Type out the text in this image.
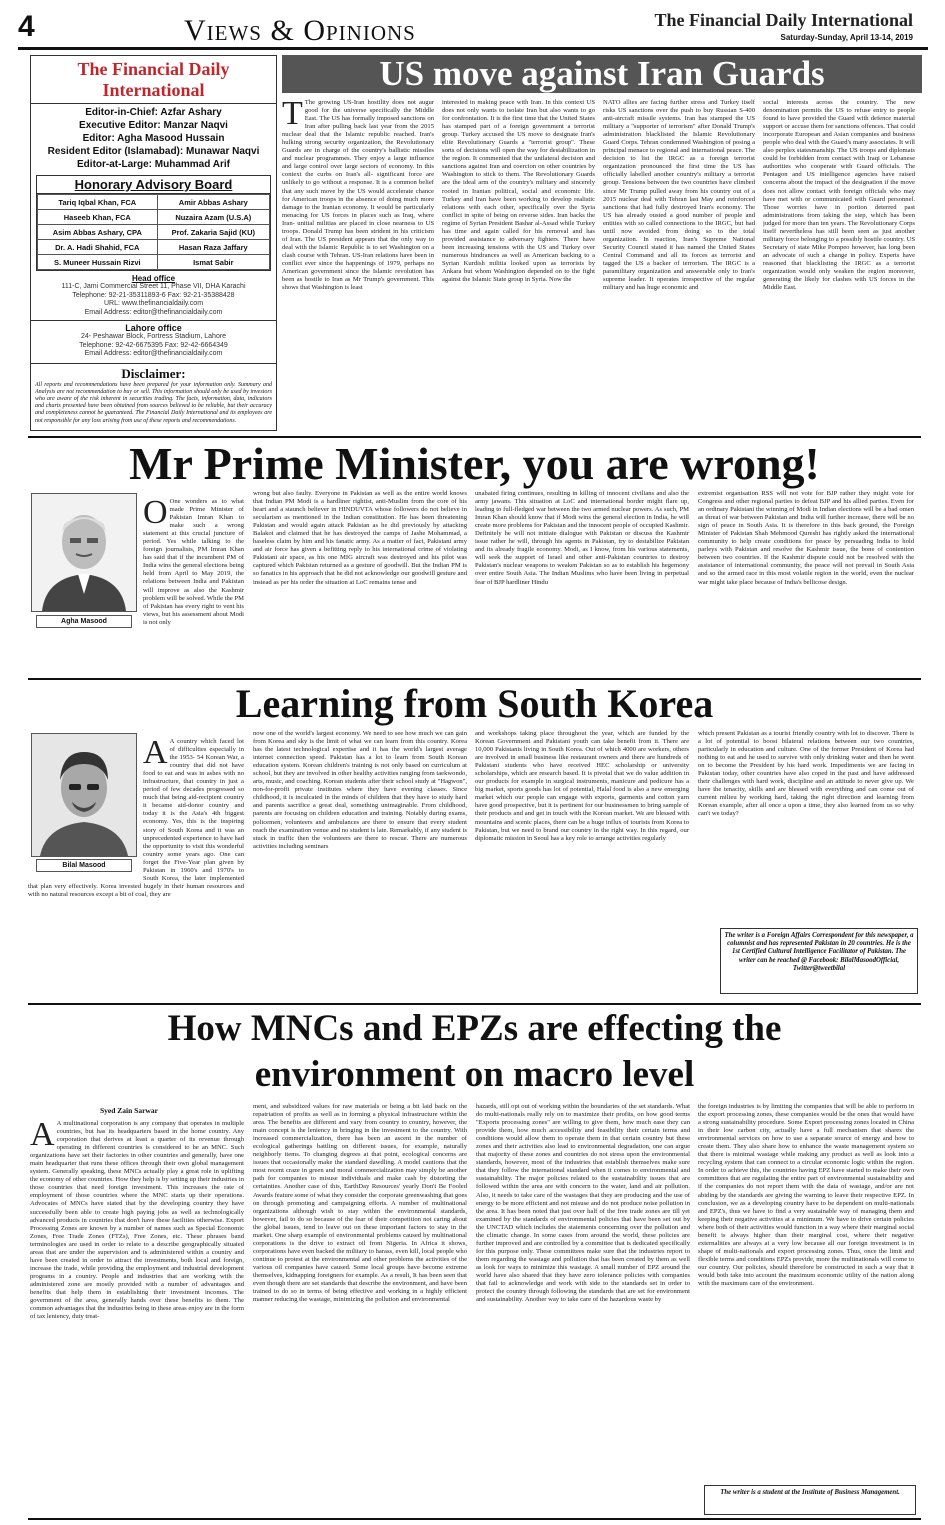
4	Views & Opinions	The Financial Daily International
Saturday-Sunday, April 13-14, 2019
The Financial Daily International
Editor-in-Chief: Azfar Ashary
Executive Editor: Manzar Naqvi
Editor: Agha Masood Hussain
Resident Editor (Islamabad): Munawar Naqvi
Editor-at-Large: Muhammad Arif
Honorary Advisory Board
Tariq Iqbal Khan, FCA	Amir Abbas Ashary
Haseeb Khan, FCA	Nuzaira Azam (U.S.A)
Asim Abbas Ashary, CPA	Prof. Zakaria Sajid (KU)
Dr. A. Hadi Shahid, FCA	Hasan Raza Jaffary
S. Muneer Hussain Rizvi	Ismat Sabir
Head office
111-C, Jami Commercial Street 11, Phase VII, DHA Karachi
Telephone: 92-21-35311893-6 Fax: 92-21-35388428
URL: www.thefinancialdaily.com
Email Address: editor@thefinancialdaily.com
Lahore office
24- Peshawar Block, Fortress Stadium, Lahore
Telephone: 92-42-6675395 Fax: 92-42-6664349
Email Address: editor@thefinancialdaily.com
Disclaimer:
All reports and recommendations have been prepared for your information only. Summary and Analysis are not recommendation to buy or sell. This information should only be used by investors who are aware of the risk inherent in securities trading. The facts, information, data, indicators and charts presented have been obtained from sources believed to be reliable, but their accuracy and completeness cannot be guaranteed. The Financial Daily International and its employees are not responsible for any loss arising from use of these reports and recommendations.
US move against Iran Guards
T The growing US-Iran hostility does not augur good for the universe specifically the Middle East. The US has formally imposed sanctions on Iran after pulling back last year from the 2015 nuclear deal that the Islamic republic reached. Iran's hulking strong security organization, the Revolutionary Guards are in charge of the country's ballistic missiles and nuclear programmes. They enjoy a large influence and large control over large sectors of economy. In this context the curbs on Iran's all- significant force are unlikely to go without a response. It is a common belief that any such move by the US would accelerate chance for American troops in the absence of doing much more damage to the Iranian economy. It would be particularly menacing for US forces in places such as Iraq, where Iran- unitial militias are placed in close nearness to US troops. Donald Trump has been strident in his criticism of Iran. The US president appears that the only way to deal with the Islamic Republic is to set Washington on a clash course with Tehran. US-Iran relations have been in conflict ever since the happenings of 1979, perhaps no American government since the Islamic revolution has been as hostile to Iran as Mr Trump's government. This shows that Washington is least
interested in making peace with Iran. In this context US does not only wants to isolate Iran but also wants to go for confrontation. It is the first time that the United States has stamped part of a foreign government a terrorist group. Turkey accused the US move to designate Iran's elite Revolutionary Guards a "terrorist group". These sorts of decisions will open the way for destabilization in the region. It commented that the unilateral decision and sanctions against Iran and coercion on other countries by Washington to stick to them. The Revolutionary Guards are the ideal arm of the country's military and sincerely rooted in Iranian political, social and economic life. Turkey and Iran have been working to develop realistic relations with each other, specifically over the Syria conflict in spite of being on reverse sides. Iran backs the regime of Syrian President Bashar al-Assad while Turkey has time and again called for his removal and has provided assistance to adversary fighters. There have been increasing tensions with the US and Turkey over numerous hindrances as well as American backing to a Syrian Kurdish militia looked upon as terrorists by Ankara but whom Washington depended on to the fight against the Islamic State group in Syria. Now the
NATO allies are facing further stress and Turkey itself risks US sanctions over the push to buy Russian S-400 anti-aircraft missile systems. Iran has stamped the US military a "supporter of terrorism" after Donald Trump's administration blacklisted the Islamic Revolutionary Guard Corps. Tehran condemned Washington of posing a principal menace to regional and international peace. The decision to list the IRGC as a foreign terrorist organization pronounced the first time the US has officially labelled another country's military a terrorist group. Tensions between the two countries have climbed since Mr Trump pulled away from his country out of a 2015 nuclear deal with Tehran last May and reinforced sanctions that had fully destroyed Iran's economy. The US has already ousted a good number of people and entities with so called connections to the IRGC, but had until now avoided from doing so to the total organization. In reaction, Iran's Supreme National Security Council stated it has named the United States Central Command and all its forces as terrorist and tagged the US a backer of terrorism. The IRGC is a paramilitary organization and answerable only to Iran's supreme leader. It operates irrespective of the regular military and has huge economic and
social interests across the country. The new denomination permits the US to refuse entry to people found to have provided the Guard with defence material support or accuse them for sanctions offences. That could incorporate European and Asian companies and business people who deal with the Guard's many associates. It will also perplex statesmanship. The US troops and diplomats could be forbidden from contact with Iraqi or Lebanese authorities who cooperate with Guard officials. The Pentagon and US intelligence agencies have raised concerns about the impact of the designation if the move does not allow contact with foreign officials who may have met with or communicated with Guard personnel. Those worries have in portion deterred past administrations from taking the step, which has been judged for more than ten years. The Revolutionary Corps itself nevertheless has still been seen as just another military force belonging to a possibly hostile country. US Secretary of state Mike Pompeo however, has long been an advocate of such a change in policy. Experts have reasoned that blacklisting the IRGC as a terrorist organization would only weaken the region moreover, generating the likely for clashes with US forces in the Middle East.
Mr Prime Minister, you are wrong!
Agha Masood
O One wonders as to what made Prime Minister of Pakistan Imran Khan to make such a wrong statement at this crucial juncture of period. Yes while talking to the foreign journalists, PM Imran Khan has said that if the incumbent PM of India wins the general elections being held from April to May 2019, the relations between India and Pakistan will improve as also the Kashmir problem will be solved. While the PM of Pakistan has every right to vent his views, but his assessment about Modi is not only
wrong but also faulty. Everyone in Pakistan as well as the entire world knows that Indian PM Modi is a hardliner rightist, anti-Muslim from the core of his heart and a staunch believer in HINDUVTA whose followers do not believe in secularism as mentioned in the Indian constitution. He has been threatening Pakistan and would again attack Pakistan as he did previously by attacking Balakot and claimed that he has destroyed the camps of Jashe Mohammad, a baseless claim by him and his fanatic army. As a matter of fact, Pakistani army and air force has given a befitting reply to his international crime of violating Pakistani air space, as his one MIG aircraft was destroyed and his pilot was captured which Pakistan returned as a gesture of goodwill. But the Indian PM is so fanatics in his approach that he did not acknowledge our goodwill gesture and instead as per his order the situation at LoC remains tense and
unabated firing continues, resulting in killing of innocent civilians and also the army jawans. This situation at LoC and international border might flare up, leading to full-fledged war between the two armed nuclear powers. As such, PM Imran Khan should know that if Modi wins the general election in India, he will create more problems for Pakistan and the innocent people of occupied Kashmir. Definitely he will not initiate dialogue with Pakistan or discuss the Kashmir issue rather he will, through his agents in Pakistan, try to destabilize Pakistan and its already fragile economy. Modi, as I know, from his various statements, will seek the support of Israel and other anti-Pakistan countries to destroy Pakistan's nuclear weapons to weaken Pakistan so as to establish his hegemony over entire South Asia. The Indian Muslims who have been living in perpetual fear of BJP hardliner Hindu
extremist organisation RSS will not vote for BJP rather they might vote for Congress and other regional parties to defeat BJP and his allied parties. Even for an ordinary Pakistani the winning of Modi in Indian elections will be a bad omen as threat of war between Pakistan and India will further increase, there will be no sign of peace in South Asia. It is therefore in this back ground, the Foreign Minister of Pakistan Shah Mehmood Qureshi has rightly asked the international community to help create conditions for peace by persuading India to hold parleys with Pakistan and resolve the Kashmir issue, the bone of contention between two countries. If the Kashmir dispute could not be resolved with the assistance of international community, the peace will not prevail in South Asia and so the armed race in this most volatile region in the world, even the nuclear war might take place because of India's bellicose design.
Learning from South Korea
Bilal Masood
A A country which faced lot of difficulties especially in the 1953- 54 Korean War, a country that did not have food to eat and was in ashes with no infrastructure, that country in just a period of few decades progressed so much that being aid-recipient country it became aid-donor country and today it is the Asia's 4th biggest economy. Yes, this is the inspiring story of South Korea and it was an unprecedented experience to have had the opportunity to visit this wonderful country some years ago. One can forget the Five-Year plan given by Pakistan in 1960's and 1970's to South Korea, the later implemented that plan very effectively. Korea invested hugely in their human resources and with no natural resources except a bit of coal, they are
now one of the world's largest economy. We need to see how much we can gain from Korea and sky is the limit of what we can learn from this country. Korea has the latest technological expertise and it has the world's largest average internet connection speed. Pakistan has a lot to learn from South Korean education system. Korean children's training is not only based on curriculum at school, but they are involved in other healthy activities ranging from taekwondo, arts, music, and coaching. Korean students after their school study at "Hagwon", non-for-profit private institutes where they have evening classes. Since childhood, it is inculcated in the minds of children that they have to study hard and parents sacrifice a great deal, something unimaginable. From childhood, parents are focusing on children education and training. Notably during exams, policemen, volunteers and ambulances are there to ensure that every student reach the examination venue and no student is late. Remarkably, if any student is stuck in traffic then the volunteers are there to rescue. There are numerous activities including seminars
and workshops taking place throughout the year, which are funded by the Korean Government and Pakistani youth can take benefit from it. There are 10,000 Pakistanis living in South Korea. Out of which 4000 are workers, others are involved in small business like restaurant owners and there are hundreds of Pakistani students who have received HEC scholarship or university scholarships, which are research based. It is pivotal that we do value addition in our products for example in surgical instruments, manicure and pedicure has a big market, sports goods has lot of potential, Halal food is also a new emerging market which our people can engage with exports, garments and cotton yarn have good prospective, but it is pertinent for our businessmen to bring sample of their products and and get in touch with the Korean market. We are blessed with mountains and scenic places, there can be a huge influx of tourists from Korea to Pakistan, but we need to brand our country in the right way. In this regard, our diplomatic mission in Seoul has a key role to arrange activities regularly
which present Pakistan as a tourist friendly country with lot to discover. There is a lot of potential to boost bilateral relations between our two countries, particularly in education and culture. One of the former President of Korea had nothing to eat and he used to survive with only drinking water and then he went on to become the President by his hard work. Impediments we are facing in Pakistan today, other countries have also coped in the past and have addressed their challenges with hard work, discipline and an attitude to never give up. We have the tenacity, skills and are blessed with everything and can come out of current milieu by working hard, taking the right direction and learning from Korean example, after all once a upon a time, they also learned from us so why can't we today?
The writer is a Foreign Affairs Correspondent for this newspaper, a columnist and has represented Pakistan in 20 countries. He is the 1st Certified Cultural Intelligence Facilitator of Pakistan. The writer can be reached @ Facebook: BilalMasoodOfficial, Twitter@tweetbilal
How MNCs and EPZs are effecting the
environment on macro level
Syed Zain Sarwar
A A multinational corporation is any company that operates in multiple countries, but has its headquarters based in the home country. Any corporation that derives at least a quarter of its revenue through operating in different countries is considered to be an MNC. Such organizations have set their factories in other countries and generally, have one main headquarter that runs these offices through their own global management system. Generally speaking, these MNCs actually play a great role in uplifting the economy of other countries. How they help is by setting up their industries in those countries that need foreign investment. This increases the rate of employment of those countries where the MNC starts up their operations. Advocates of MNCs have stated that by the developing country they have successfully been able to create high paying jobs as well as technologically advanced products in countries that don't have these facilities otherwise. Export Processing Zones are known by a number of names such as Special Economic Zones, Free Trade Zones (FTZs), Free Zones, etc. These phrases band terminologies are used in order to relate to a describe geographically situated areas that are under the supervision and is administered within a country and have been created in order to attract the investments, both local and foreign, increase the trade, while providing the employment and industrial development programs in a country. People and industries that are working with the administered zone are mostly provided with a number of advantages and benefits that help them in establishing their investment incomes. The government of the area, generally hands over these benefits to them. The common advantages that the industries being in these areas enjoy are in the form of tax leniency, duty treat-
ment, and subsidized values for raw materials or being a bit laid back on the repatriation of profits as well as in forming a physical infrastructure within the area. The benefits are different and vary from country to country, however, the main concept is the leniency in bringing in the investment to the country. With increased commercialization, there has been an ascent in the number of ecological gatherings battling on different issues, for example, naturally neighborly items. To changing degrees at that point, ecological concerns are issues that occasionally make the standard dawdling. A model cautions that the most recent craze in green and moral commercialization may simply be another path for companies to misuse individuals and make cash by distorting the certainties. Another case of this, EarthDay Resources' yearly Don't Be Fooled Awards feature some of what they consider the corporate greenwashing that goes on through promoting and campaigning efforts. A number of multinational organizations although wish to stay within the environmental standards, however, fail to do so because of the fear of their competition not caring about the global issues, tend to leave out on these important factors to stay in the market. One sharp example of environmental problems caused by multinational corporations is the drive to extract oil from Nigeria. In Africa it shows, corporations have even backed the military to harass, even kill, local people who continue to protest at the environmental and other problems the activities of the various oil companies have caused. Some local groups have become extreme themselves, kidnapping foreigners for example. As a result, It has been seen that even though there are set standards that describe the environment, and have been trained to do so in terms of being effective and working in a highly efficient manner reducing the wastage, minimizing the pollution and environmental
hazards, still opt out of working within the boundaries of the set standards. What do multi-nationals really rely on to maximize their profits, on how good terms "Exports processing zones" are willing to give them, how much ease they can provide them, how much accessibility and feasibility their certain terms and conditions would allow them to operate them in that certain country but these zones and their activities also lead to environmental degradation, one can argue that majority of these zones and countries do not stress upon the environmental standards, however, most of the industries that establish themselves make sure that they follow the international standard when it comes to environmental and sustainability. The major policies related to the sustainability issues that are followed within the area are with concern to the water, land and air pollution. Also, it needs to take care of the wastages that they are producing and the use of energy to be more efficient and not misuse and do not produce noise pollution in the area. It has been noted that just over half of the free trade zones are till yet examined by the standards of environmental policies that have been set out by the UNCTAD which includes the statements concerning over the pollution and the climatic change. In some cases from around the world, these policies are further improved and are controlled by a committee that is dedicated specifically for this purpose only. These committees make sure that the industries report to them regarding the wastage and pollution that has been created by them as well as look for ways to minimize this wastage. A small number of EPZ around the world have also shared that they have zero tolerance policies with companies that fail to acknowledge and work with side to the standards set in order to protect the country through following the standards that are set for environment and sustainability. Another way to take care of the hazardous waste by
the foreign industries is by limiting the companies that will be able to perform in the export processing zones, these companies would be the ones that would have a strong sustainability procedure. Some Export processing zones located in China in their low carbon city, actually have a full mechanism that shares the environmental services on how to use a separate source of energy and how to create them. They also share how to enhance the waste management system so that there is minimal wastage while making any product as well as look into a recycling system that can connect to a circular economic logic within the region. In order to achieve this, the countries having EPZ have started to make their own committees that are regulating the entire part of environmental sustainability and if the companies do not report them with the data of wastage, and/or are not abiding by the standards are giving the warning to leave their respective EPZ. In conclusion, we as a developing country have to be dependent on multi-nationals and EPZ's, thus we have to find a very sustainable way of managing them and keeping their negative activities at a minimum. We have to drive certain policies where both of their activities would function in a way where their marginal social benefit is always higher than their marginal cost, where their negative externalities are always at a very low because all our foreign investment is in shape of multi-nationals and export processing zones. Thus, once the limit and flexible terms and conditions EPZs provide, more the multinationals will come to our country. Our policies, should therefore be constructed in such a way that it would both take into account the maximum economic utility of the nation along with the maximum care of the environment.
The writer is a student at the Institute of Business Management.
